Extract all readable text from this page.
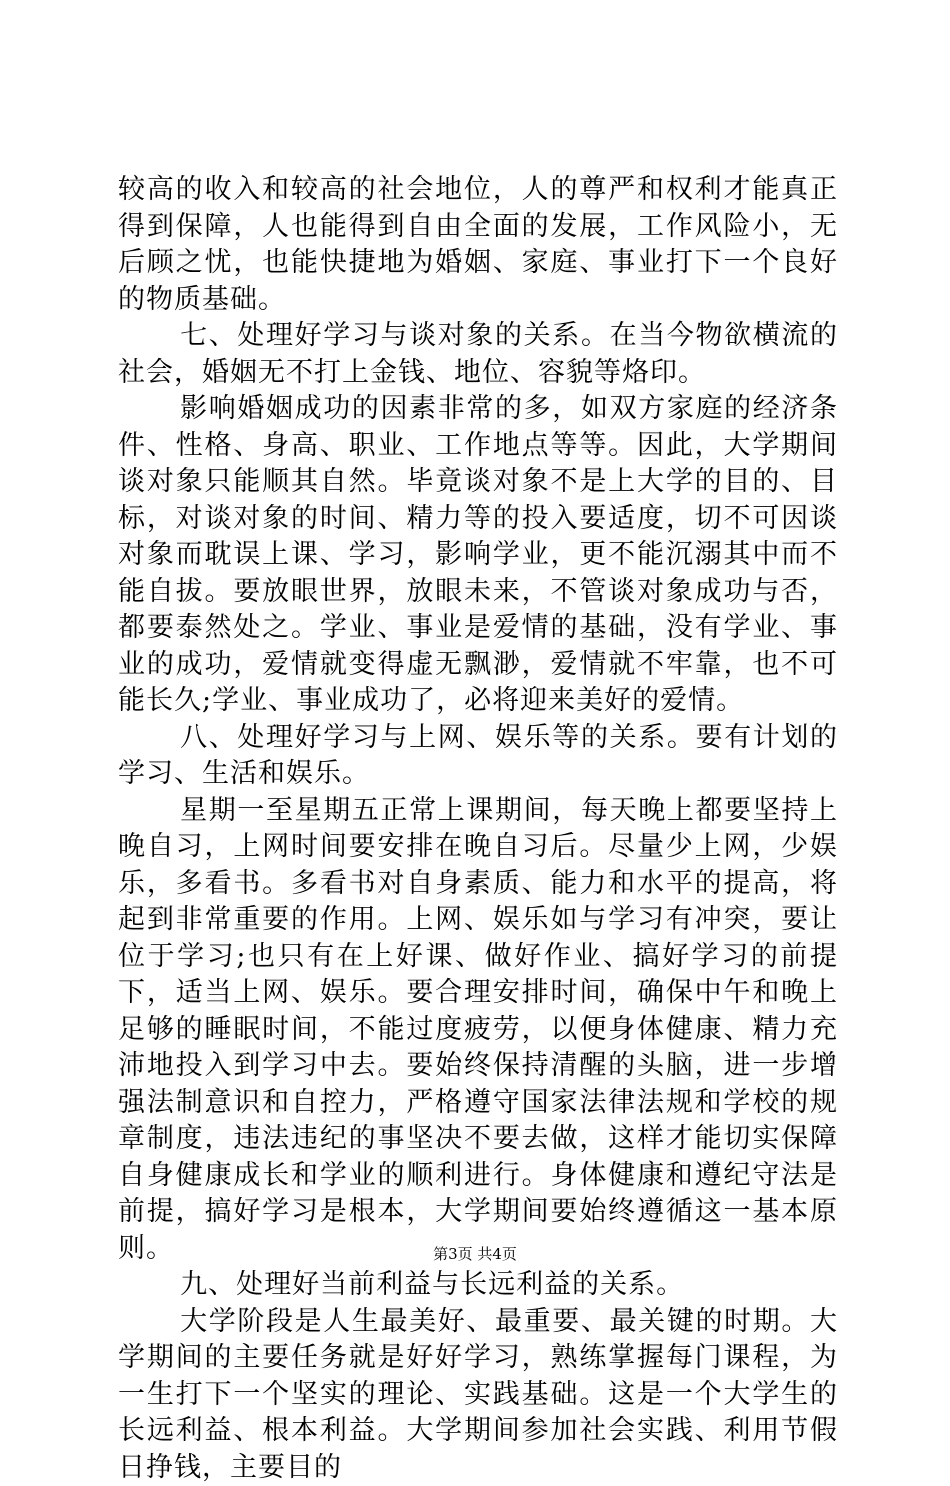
较高的收入和较高的社会地位，人的尊严和权利才能真正得到保障，人也能得到自由全面的发展，工作风险小，无后顾之忧，也能快捷地为婚姻、家庭、事业打下一个良好的物质基础。

七、处理好学习与谈对象的关系。在当今物欲横流的社会，婚姻无不打上金钱、地位、容貌等烙印。

影响婚姻成功的因素非常的多，如双方家庭的经济条件、性格、身高、职业、工作地点等等。因此，大学期间谈对象只能顺其自然。毕竟谈对象不是上大学的目的、目标，对谈对象的时间、精力等的投入要适度，切不可因谈对象而耽误上课、学习，影响学业，更不能沉溺其中而不能自拔。要放眼世界，放眼未来，不管谈对象成功与否，都要泰然处之。学业、事业是爱情的基础，没有学业、事业的成功，爱情就变得虚无飘渺，爱情就不牢靠，也不可能长久;学业、事业成功了，必将迎来美好的爱情。

八、处理好学习与上网、娱乐等的关系。要有计划的学习、生活和娱乐。

星期一至星期五正常上课期间，每天晚上都要坚持上晚自习，上网时间要安排在晚自习后。尽量少上网，少娱乐，多看书。多看书对自身素质、能力和水平的提高，将起到非常重要的作用。上网、娱乐如与学习有冲突，要让位于学习;也只有在上好课、做好作业、搞好学习的前提下，适当上网、娱乐。要合理安排时间，确保中午和晚上足够的睡眠时间，不能过度疲劳，以便身体健康、精力充沛地投入到学习中去。要始终保持清醒的头脑，进一步增强法制意识和自控力，严格遵守国家法律法规和学校的规章制度，违法违纪的事坚决不要去做，这样才能切实保障自身健康成长和学业的顺利进行。身体健康和遵纪守法是前提，搞好学习是根本，大学期间要始终遵循这一基本原则。

九、处理好当前利益与长远利益的关系。

大学阶段是人生最美好、最重要、最关键的时期。大学期间的主要任务就是好好学习，熟练掌握每门课程，为一生打下一个坚实的理论、实践基础。这是一个大学生的长远利益、根本利益。大学期间参加社会实践、利用节假日挣钱，主要目的

第3页 共4页
